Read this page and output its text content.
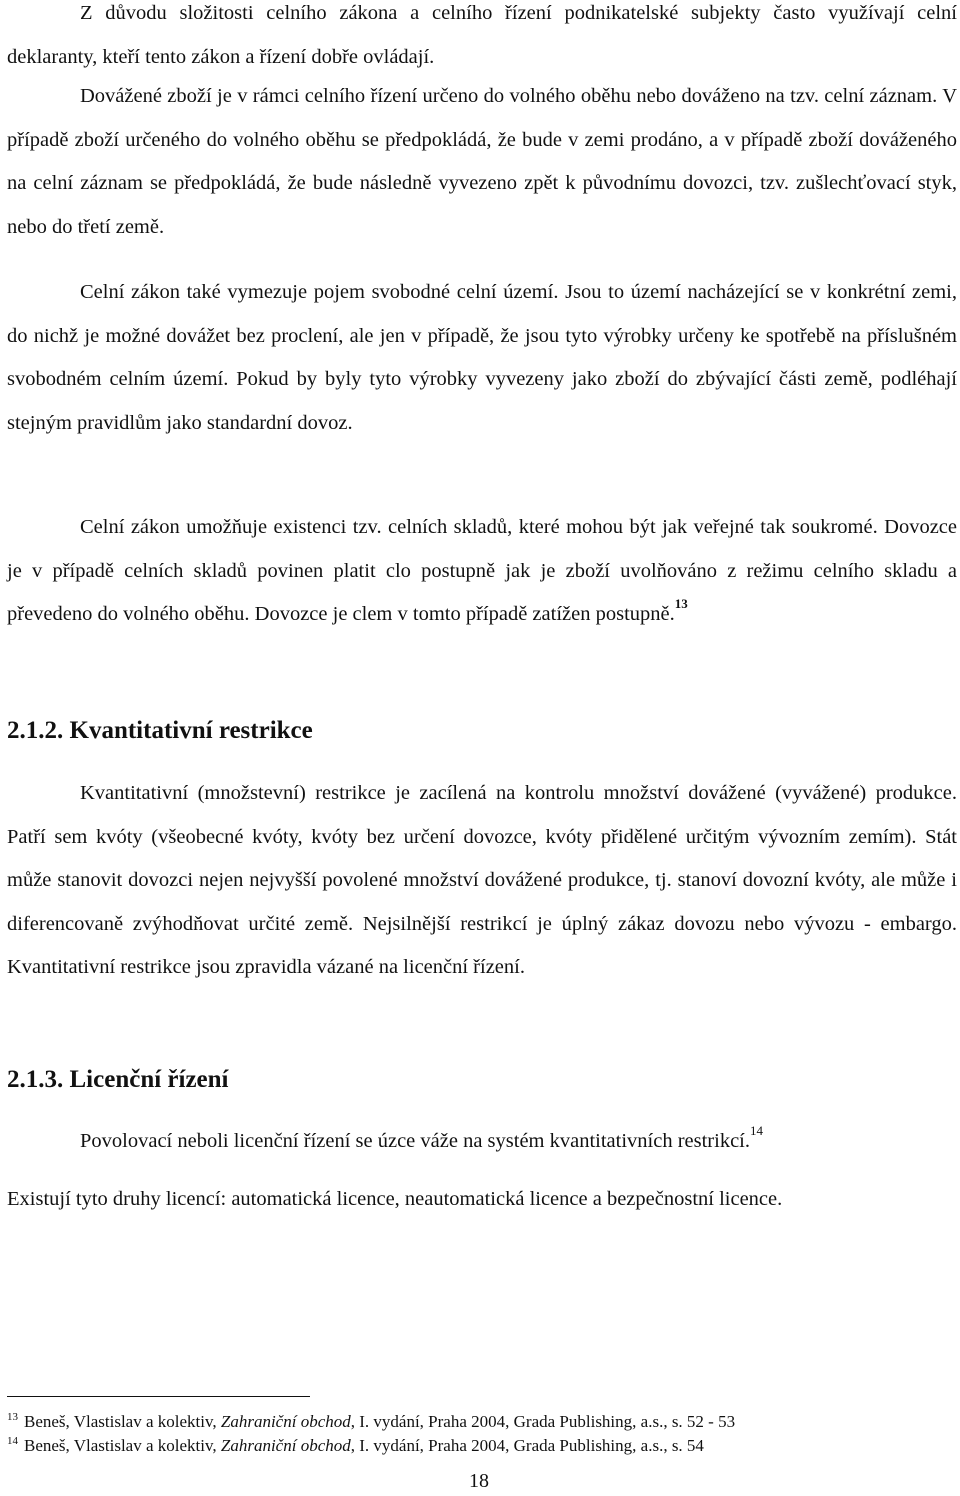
Z důvodu složitosti celního zákona a celního řízení podnikatelské subjekty často využívají celní deklaranty, kteří tento zákon a řízení dobře ovládají.

Dovážené zboží je v rámci celního řízení určeno do volného oběhu nebo dováženo na tzv. celní záznam. V případě zboží určeného do volného oběhu se předpokládá, že bude v zemi prodáno, a v případě zboží dováženého na celní záznam se předpokládá, že bude následně vyvezeno zpět k původnímu dovozci, tzv. zušlechťovací styk, nebo do třetí země.

Celní zákon také vymezuje pojem svobodné celní území. Jsou to území nacházející se v konkrétní zemi, do nichž je možné dovážet bez proclení, ale jen v případě, že jsou tyto výrobky určeny ke spotřebě na příslušném svobodném celním území. Pokud by byly tyto výrobky vyvezeny jako zboží do zbývající části země, podléhají stejným pravidlům jako standardní dovoz.

Celní zákon umožňuje existenci tzv. celních skladů, které mohou být jak veřejné tak soukromé. Dovozce je v případě celních skladů povinen platit clo postupně jak je zboží uvolňováno z režimu celního skladu a převedeno do volného oběhu. Dovozce je clem v tomto případě zatížen postupně.$^{13}$

2.1.2. Kvantitativní restrikce

Kvantitativní (množstevní) restrikce je zacílená na kontrolu množství dovážené (vyvážené) produkce. Patří sem kvóty (všeobecné kvóty, kvóty bez určení dovozce, kvóty přidělené určitým vývozním zemím). Stát může stanovit dovozci nejen nejvyšší povolené množství dovážené produkce, tj. stanoví dovozní kvóty, ale může i diferencovaně zvýhodňovat určité země. Nejsilnější restrikcí je úplný zákaz dovozu nebo vývozu - embargo. Kvantitativní restrikce jsou zpravidla vázané na licenční řízení.

2.1.3. Licenční řízení

Povolovací neboli licenční řízení se úzce váže na systém kvantitativních restrikcí.$^{14}$

Existují tyto druhy licencí: automatická licence, neautomatická licence a bezpečnostní licence.

$^{13}$ Beneš, Vlastislav a kolektiv, Zahraniční obchod, I. vydání, Praha 2004, Grada Publishing, a.s., s. 52 - 53
$^{14}$ Beneš, Vlastislav a kolektiv, Zahraniční obchod, I. vydání, Praha 2004, Grada Publishing, a.s., s. 54
18
